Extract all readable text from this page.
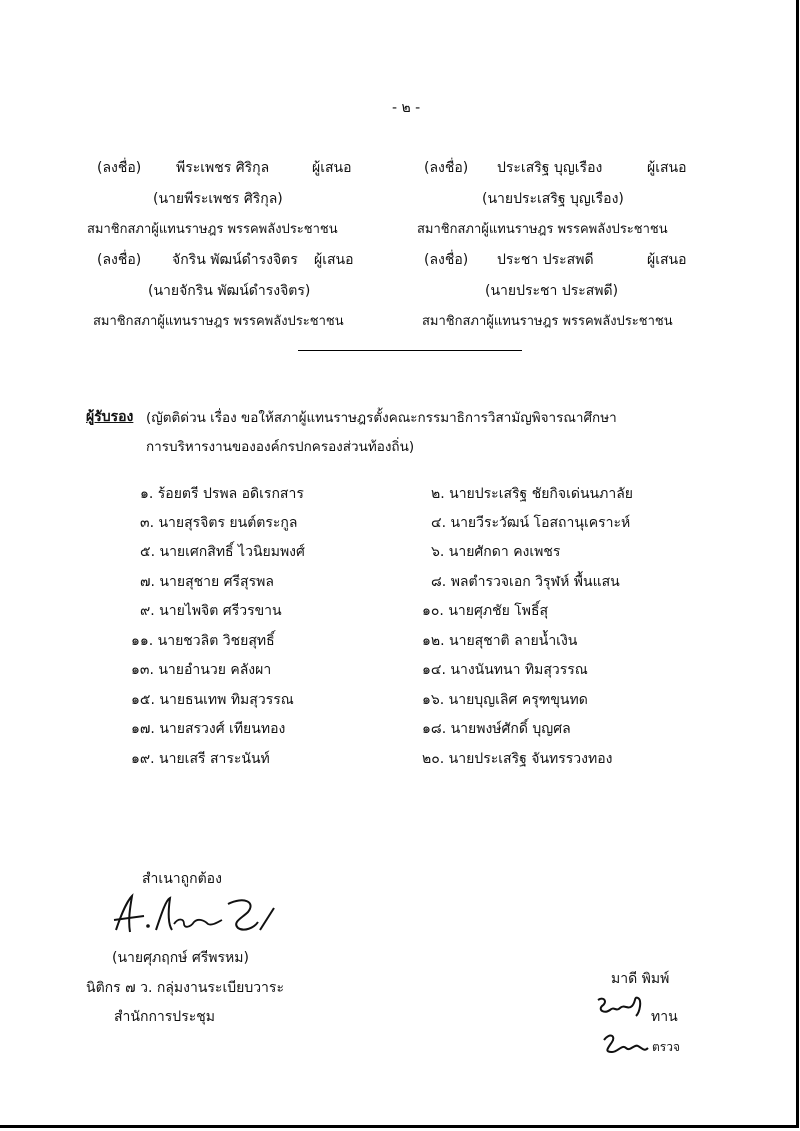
- ๒ -
(ลงชื่อ) พีระเพชร ศิริกุล	ผู้เสนอ
(นายพีระเพชร ศิริกุล)
สมาชิกสภาผู้แทนราษฎร พรรคพลังประชาชน
(ลงชื่อ) ประเสริฐ บุญเรือง	ผู้เสนอ
(นายประเสริฐ บุญเรือง)
สมาชิกสภาผู้แทนราษฎร พรรคพลังประชาชน
(ลงชื่อ) จักริน พัฒน์ดำรงจิตร ผู้เสนอ
(นายจักริน พัฒน์ดำรงจิตร)
สมาชิกสภาผู้แทนราษฎร พรรคพลังประชาชน
(ลงชื่อ) ประชา ประสพดี	ผู้เสนอ
(นายประชา ประสพดี)
สมาชิกสภาผู้แทนราษฎร พรรคพลังประชาชน
ผู้รับรอง (ญัตติด่วน เรื่อง ขอให้สภาผู้แทนราษฎรตั้งคณะกรรมาธิการวิสามัญพิจารณาศึกษา
การบริหารงานขององค์กรปกครองส่วนท้องถิ่น)
๑. ร้อยตรี ปรพล อดิเรกสาร
๓. นายสุรจิตร ยนต์ตระกูล
๕. นายเศกสิทธิ์ ไวนิยมพงศ์
๗. นายสุชาย ศรีสุรพล
๙. นายไพจิต ศรีวรขาน
๑๑. นายชวลิต วิชยสุทธิ์
๑๓. นายอำนวย คลังผา
๑๕. นายธนเทพ ทิมสุวรรณ
๑๗. นายสรวงศ์ เทียนทอง
๑๙. นายเสรี สาระนันท์
๒. นายประเสริฐ ชัยกิจเด่นนภาลัย
๔. นายวีระวัฒน์ โอสถานุเคราะห์
๖. นายศักดา คงเพชร
๘. พลตำรวจเอก วิรุฬห์ พื้นแสน
๑๐. นายศุภชัย โพธิ์สุ
๑๒. นายสุชาติ ลายน้ำเงิน
๑๔. นางนันทนา ทิมสุวรรณ
๑๖. นายบุญเลิศ ครุฑขุนทด
๑๘. นายพงษ์ศักดิ์ บุญศล
๒๐. นายประเสริฐ จันทรรวงทอง
สำเนาถูกต้อง
(นายศุภฤกษ์ ศรีพรหม)
นิติกร ๗ ว. กลุ่มงานระเบียบวาระ
สำนักการประชุม
มาดี พิมพ์
ทาน
ตรวจ
